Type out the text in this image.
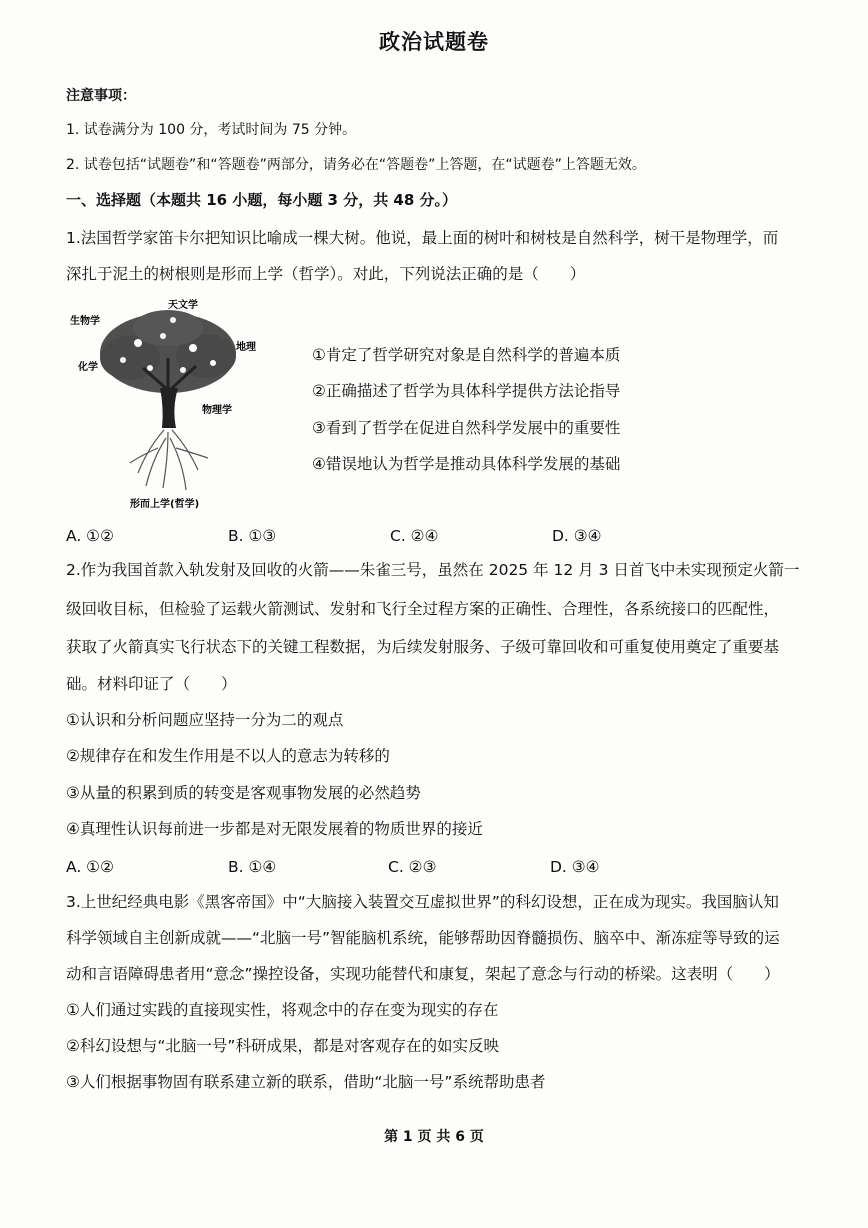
政治试题卷
注意事项：
1. 试卷满分为 100 分，考试时间为 75 分钟。
2. 试卷包括“试题卷”和“答题卷”两部分，请务必在“答题卷”上答题，在“试题卷”上答题无效。
一、选择题（本题共 16 小题，每小题 3 分，共 48 分。）
1.法国哲学家笛卡尔把知识比喻成一棵大树。他说，最上面的树叶和树枝是自然科学，树干是物理学，而
深扎于泥土的树根则是形而上学（哲学）。对此，下列说法正确的是（　　）
天文学
生物学
地理
化学
物理学
形而上学(哲学)
①肯定了哲学研究对象是自然科学的普遍本质
②正确描述了哲学为具体科学提供方法论指导
③看到了哲学在促进自然科学发展中的重要性
④错误地认为哲学是推动具体科学发展的基础
A. ①②	B. ①③	C. ②④	D. ③④
2.作为我国首款入轨发射及回收的火箭——朱雀三号，虽然在 2025 年 12 月 3 日首飞中未实现预定火箭一
级回收目标，但检验了运载火箭测试、发射和飞行全过程方案的正确性、合理性，各系统接口的匹配性，
获取了火箭真实飞行状态下的关键工程数据，为后续发射服务、子级可靠回收和可重复使用奠定了重要基
础。材料印证了（　　）
①认识和分析问题应坚持一分为二的观点
②规律存在和发生作用是不以人的意志为转移的
③从量的积累到质的转变是客观事物发展的必然趋势
④真理性认识每前进一步都是对无限发展着的物质世界的接近
A. ①②	B. ①④	C. ②③	D. ③④
3.上世纪经典电影《黑客帝国》中“大脑接入装置交互虚拟世界”的科幻设想，正在成为现实。我国脑认知
科学领域自主创新成就——“北脑一号”智能脑机系统，能够帮助因脊髓损伤、脑卒中、渐冻症等导致的运
动和言语障碍患者用“意念”操控设备，实现功能替代和康复，架起了意念与行动的桥梁。这表明（　　）
①人们通过实践的直接现实性，将观念中的存在变为现实的存在
②科幻设想与“北脑一号”科研成果，都是对客观存在的如实反映
③人们根据事物固有联系建立新的联系，借助“北脑一号”系统帮助患者
第 1 页 共 6 页
